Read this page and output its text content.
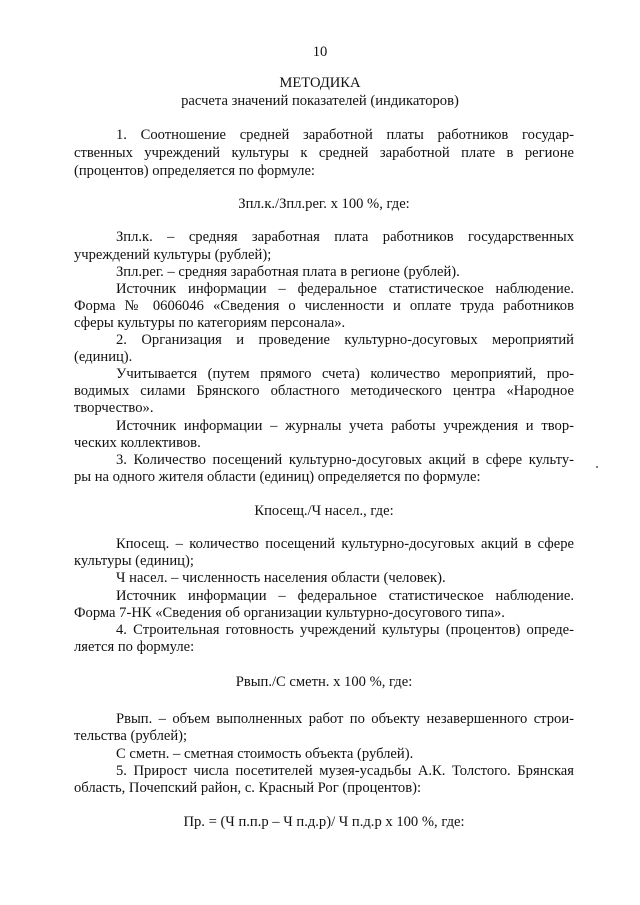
10
МЕТОДИКА
расчета значений показателей (индикаторов)
1. Соотношение средней заработной платы работников государ-
ственных учреждений культуры к средней заработной плате в регионе
(процентов) определяется по формуле:
Зпл.к./Зпл.рег. х 100 %, где:
Зпл.к. – средняя заработная плата работников государственных
учреждений культуры (рублей);
Зпл.рег. – средняя заработная плата в регионе (рублей).
Источник информации – федеральное статистическое наблюдение.
Форма № 0606046 «Сведения о численности и оплате труда работников
сферы культуры по категориям персонала».
2. Организация и проведение культурно-досуговых мероприятий
(единиц).
Учитывается (путем прямого счета) количество мероприятий, про-
водимых силами Брянского областного методического центра «Народное
творчество».
Источник информации – журналы учета работы учреждения и твор-
ческих коллективов.
3. Количество посещений культурно-досуговых акций в сфере культу-
ры на одного жителя области (единиц) определяется по формуле:
Кпосещ./Ч насел., где:
Кпосещ. – количество посещений культурно-досуговых акций в сфере
культуры (единиц);
Ч насел. – численность населения области (человек).
Источник информации – федеральное статистическое наблюдение.
Форма 7-НК «Сведения об организации культурно-досугового типа».
4. Строительная готовность учреждений культуры (процентов) опреде-
ляется по формуле:
Рвып./С сметн. х 100 %, где:
Рвып. – объем выполненных работ по объекту незавершенного строи-
тельства (рублей);
С сметн. – сметная стоимость объекта (рублей).
5. Прирост числа посетителей музея-усадьбы А.К. Толстого. Брянская
область, Почепский район, с. Красный Рог (процентов):
Пр. = (Ч п.п.р – Ч п.д.р)/ Ч п.д.р х 100 %, где:
